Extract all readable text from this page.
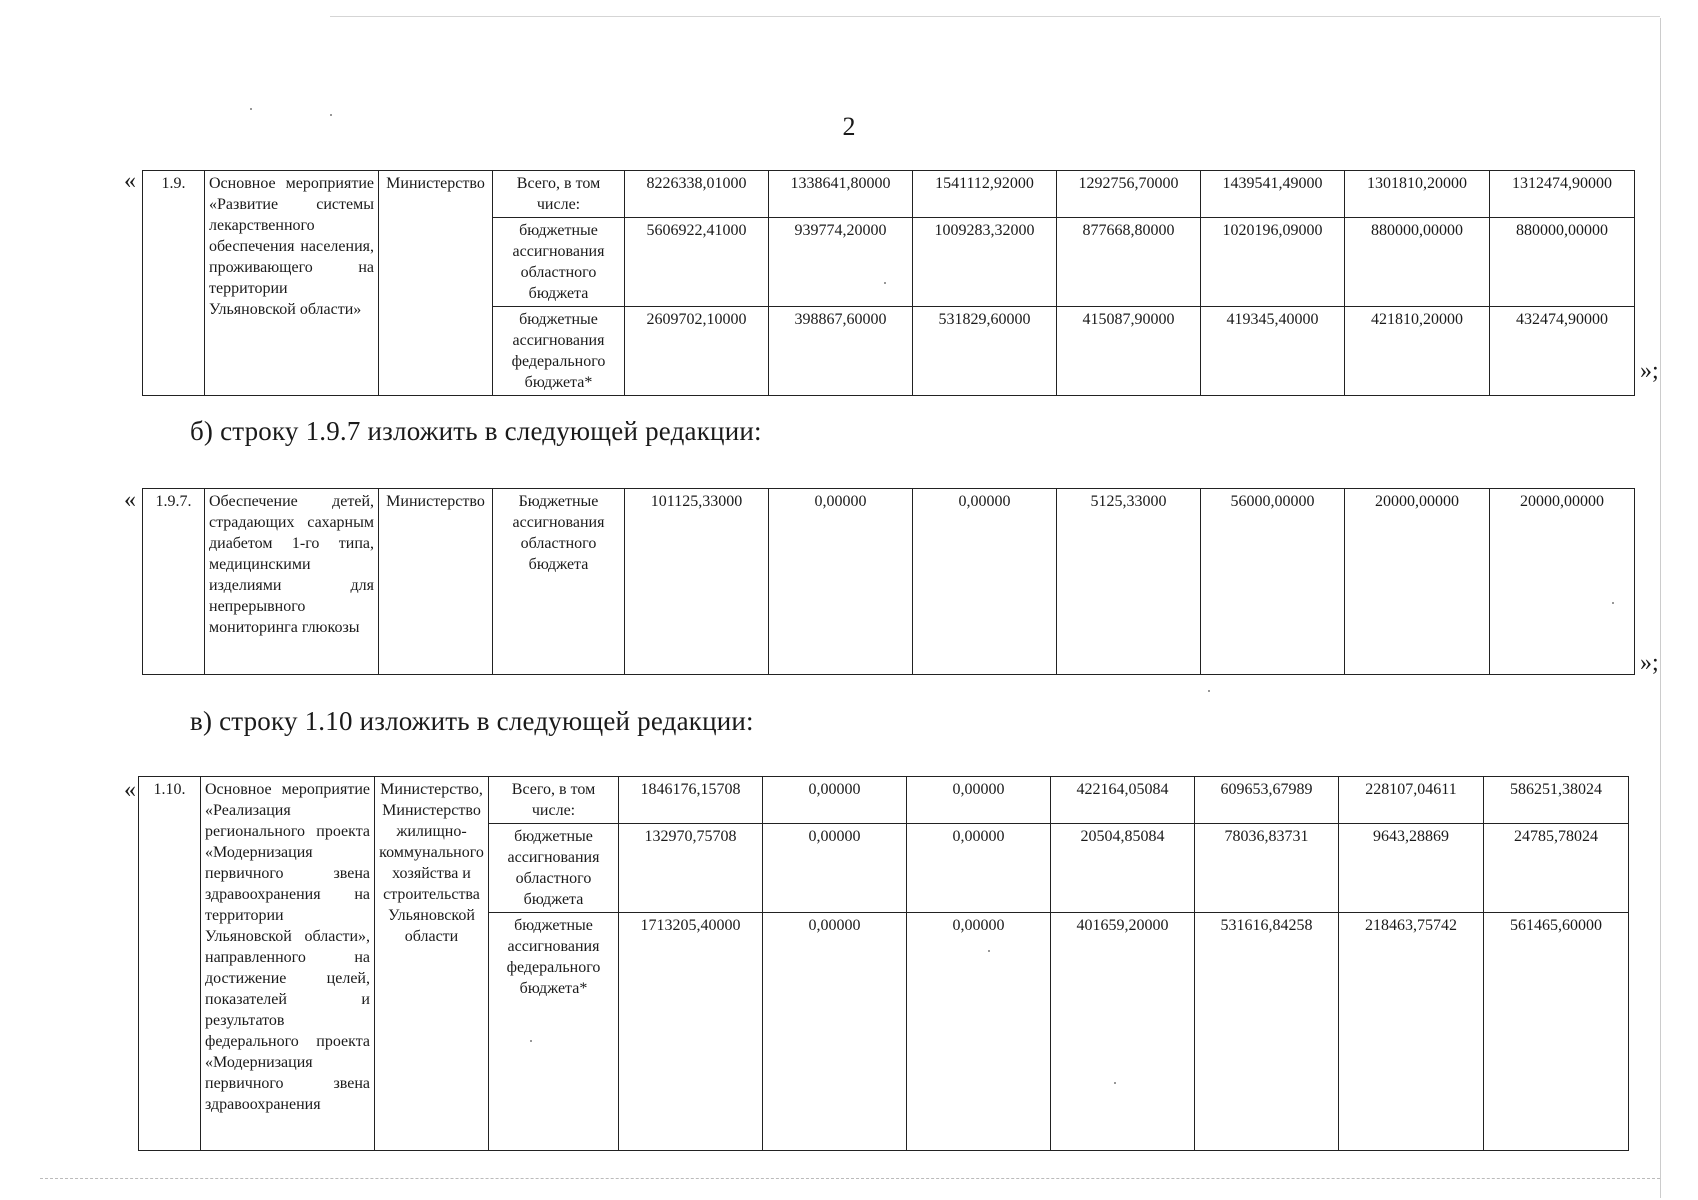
2
« 1.9.	Основное мероприятие «Развитие системы лекарственного обеспечения населения, проживающего на территории Ульяновской области»	Министерство	Всего, в том числе:	8226338,01000	1338641,80000	1541112,92000	1292756,70000	1439541,49000	1301810,20000	1312474,90000
			бюджетные ассигнования областного бюджета	5606922,41000	939774,20000	1009283,32000	877668,80000	1020196,09000	880000,00000	880000,00000
			бюджетные ассигнования федерального бюджета*	2609702,10000	398867,60000	531829,60000	415087,90000	419345,40000	421810,20000	432474,90000
»;
б) строку 1.9.7 изложить в следующей редакции:
« 1.9.7.	Обеспечение детей, страдающих сахарным диабетом 1-го типа, медицинскими изделиями для непрерывного мониторинга глюкозы	Министерство	Бюджетные ассигнования областного бюджета	101125,33000	0,00000	0,00000	5125,33000	56000,00000	20000,00000	20000,00000
»;
в) строку 1.10 изложить в следующей редакции:
« 1.10.	Основное мероприятие «Реализация регионального проекта «Модернизация первичного звена здравоохранения на территории Ульяновской области», направленного на достижение целей, показателей и результатов федерального проекта «Модернизация первичного звена здравоохранения	Министерство, Министерство жилищно-коммунального хозяйства и строительства Ульяновской области	Всего, в том числе:	1846176,15708	0,00000	0,00000	422164,05084	609653,67989	228107,04611	586251,38024
			бюджетные ассигнования областного бюджета	132970,75708	0,00000	0,00000	20504,85084	78036,83731	9643,28869	24785,78024
			бюджетные ассигнования федерального бюджета*	1713205,40000	0,00000	0,00000	401659,20000	531616,84258	218463,75742	561465,60000
